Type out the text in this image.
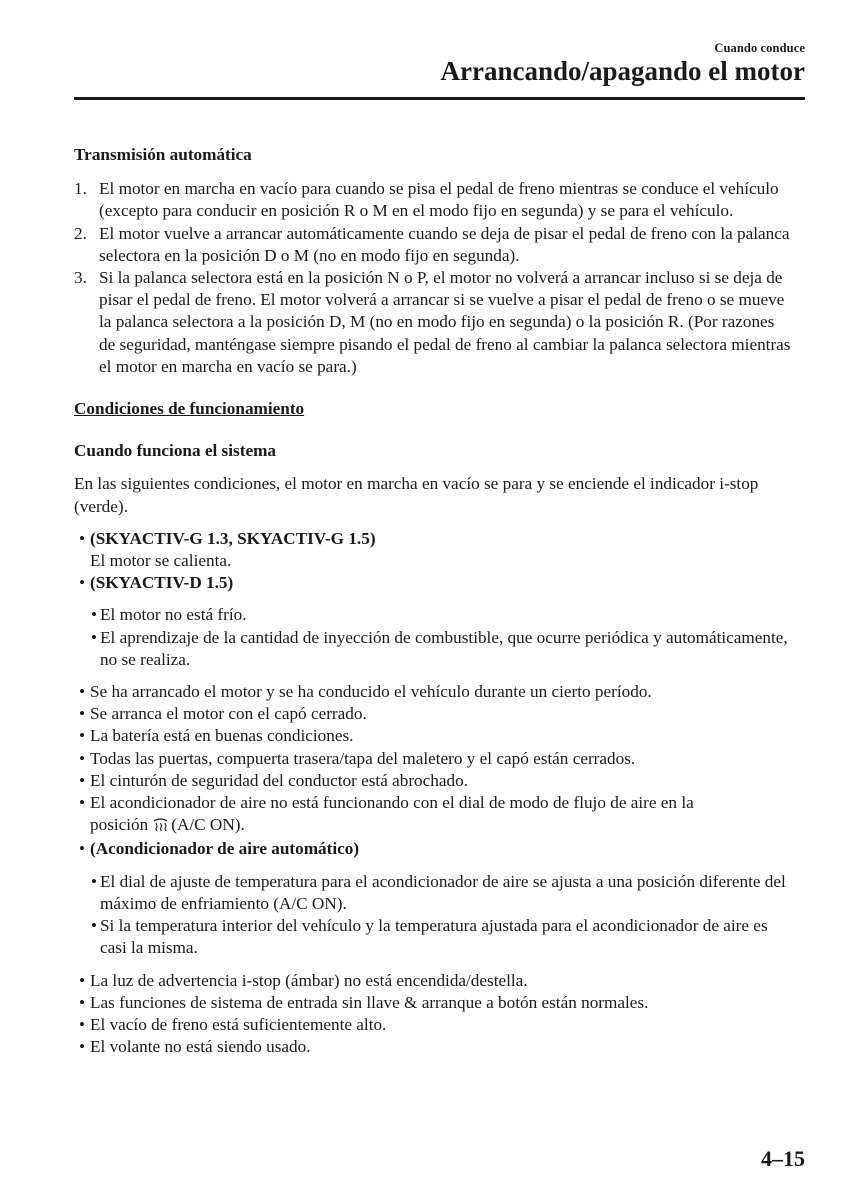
Cuando conduce
Arrancando/apagando el motor

Transmisión automática

1. El motor en marcha en vacío para cuando se pisa el pedal de freno mientras se conduce el vehículo (excepto para conducir en posición R o M en el modo fijo en segunda) y se para el vehículo.
2. El motor vuelve a arrancar automáticamente cuando se deja de pisar el pedal de freno con la palanca selectora en la posición D o M (no en modo fijo en segunda).
3. Si la palanca selectora está en la posición N o P, el motor no volverá a arrancar incluso si se deja de pisar el pedal de freno. El motor volverá a arrancar si se vuelve a pisar el pedal de freno o se mueve la palanca selectora a la posición D, M (no en modo fijo en segunda) o la posición R. (Por razones de seguridad, manténgase siempre pisando el pedal de freno al cambiar la palanca selectora mientras el motor en marcha en vacío se para.)

Condiciones de funcionamiento

Cuando funciona el sistema

En las siguientes condiciones, el motor en marcha en vacío se para y se enciende el indicador i-stop (verde).

• (SKYACTIV-G 1.3, SKYACTIV-G 1.5)
El motor se calienta.
• (SKYACTIV-D 1.5)
• El motor no está frío.
• El aprendizaje de la cantidad de inyección de combustible, que ocurre periódica y automáticamente, no se realiza.
• Se ha arrancado el motor y se ha conducido el vehículo durante un cierto período.
• Se arranca el motor con el capó cerrado.
• La batería está en buenas condiciones.
• Todas las puertas, compuerta trasera/tapa del maletero y el capó están cerrados.
• El cinturón de seguridad del conductor está abrochado.
• El acondicionador de aire no está funcionando con el dial de modo de flujo de aire en la
posición (A/C ON).
• (Acondicionador de aire automático)
• El dial de ajuste de temperatura para el acondicionador de aire se ajusta a una posición diferente del máximo de enfriamiento (A/C ON).
• Si la temperatura interior del vehículo y la temperatura ajustada para el acondicionador de aire es casi la misma.
• La luz de advertencia i-stop (ámbar) no está encendida/destella.
• Las funciones de sistema de entrada sin llave & arranque a botón están normales.
• El vacío de freno está suficientemente alto.
• El volante no está siendo usado.
4–15
